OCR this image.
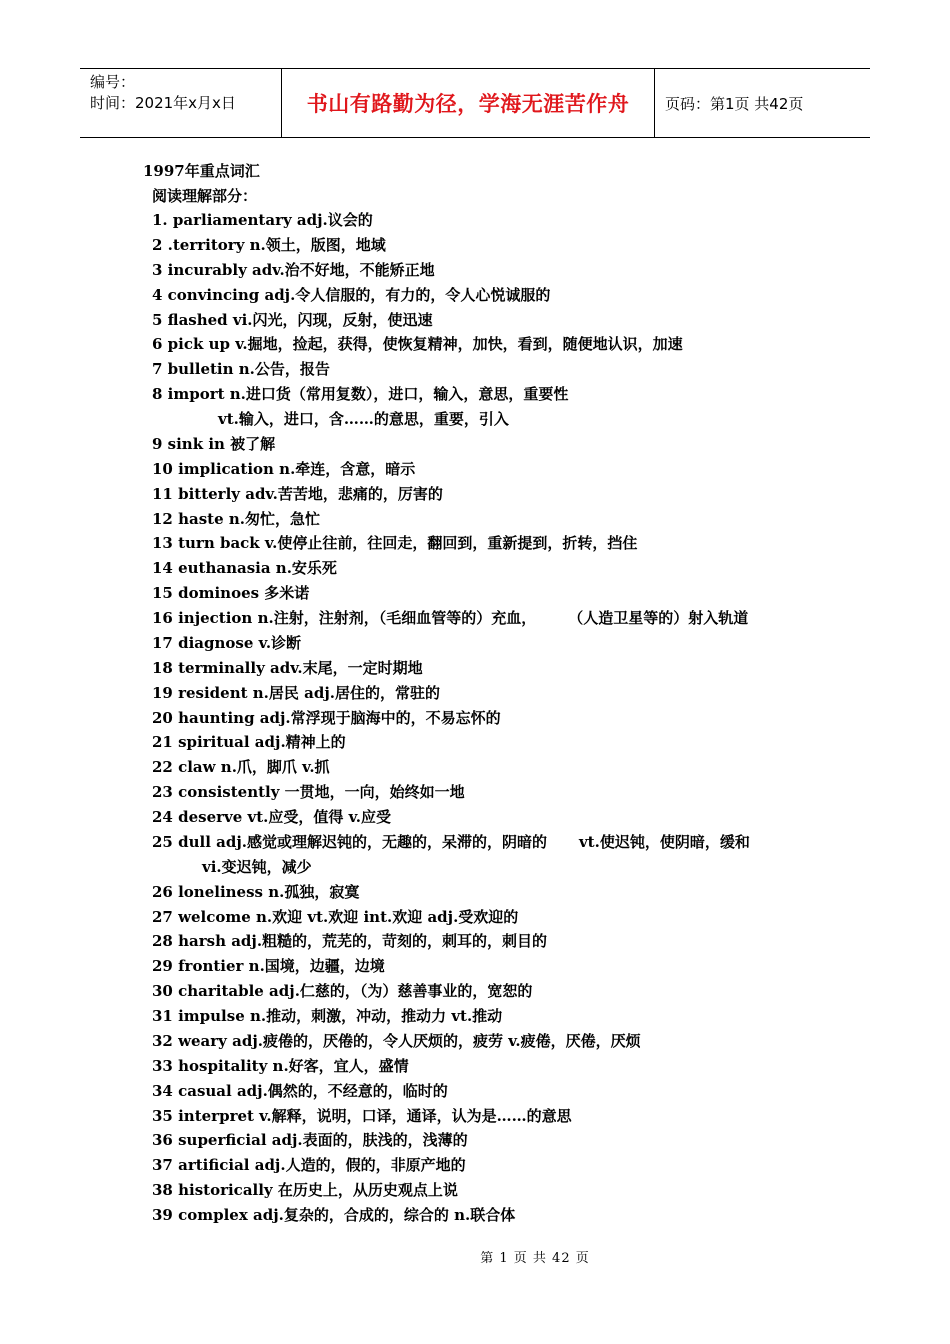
编号：
时间：2021年x月x日	书山有路勤为径，学海无涯苦作舟	页码：第1页 共42页
1997年重点词汇
阅读理解部分：
1. parliamentary adj.议会的
2 .territory n.领土，版图，地域
3 incurably adv.治不好地，不能矫正地
4 convincing adj.令人信服的，有力的，令人心悦诚服的
5 flashed vi.闪光，闪现，反射，使迅速
6 pick up v.掘地，捡起，获得，使恢复精神，加快，看到，随便地认识，加速
7 bulletin n.公告，报告
8 import n.进口货（常用复数），进口，输入，意思，重要性
vt.输入，进口，含……的意思，重要，引入
9 sink in 被了解
10 implication n.牵连，含意，暗示
11 bitterly adv.苦苦地，悲痛的，厉害的
12 haste n.匆忙，急忙
13 turn back v.使停止往前，往回走，翻回到，重新提到，折转，挡住
14 euthanasia n.安乐死
15 dominoes 多米诺
16 injection n.注射，注射剂，（毛细血管等的）充血， （人造卫星等的）射入轨道
17 diagnose v.诊断
18 terminally adv.末尾，一定时期地
19 resident n.居民 adj.居住的，常驻的
20 haunting adj.常浮现于脑海中的，不易忘怀的
21 spiritual adj.精神上的
22 claw n.爪，脚爪 v.抓
23 consistently 一贯地，一向，始终如一地
24 deserve vt.应受，值得 v.应受
25 dull adj.感觉或理解迟钝的，无趣的，呆滞的，阴暗的 vt.使迟钝，使阴暗，缓和
vi.变迟钝，减少
26 loneliness n.孤独，寂寞
27 welcome n.欢迎 vt.欢迎 int.欢迎 adj.受欢迎的
28 harsh adj.粗糙的，荒芜的，苛刻的，刺耳的，刺目的
29 frontier n.国境，边疆，边境
30 charitable adj.仁慈的，（为）慈善事业的，宽恕的
31 impulse n.推动，刺激，冲动，推动力 vt.推动
32 weary adj.疲倦的，厌倦的，令人厌烦的，疲劳 v.疲倦，厌倦，厌烦
33 hospitality n.好客，宜人，盛情
34 casual adj.偶然的，不经意的，临时的
35 interpret v.解释，说明，口译，通译，认为是……的意思
36 superficial adj.表面的，肤浅的，浅薄的
37 artificial adj.人造的，假的，非原产地的
38 historically 在历史上，从历史观点上说
39 complex adj.复杂的，合成的，综合的 n.联合体
第 1 页 共 42 页
